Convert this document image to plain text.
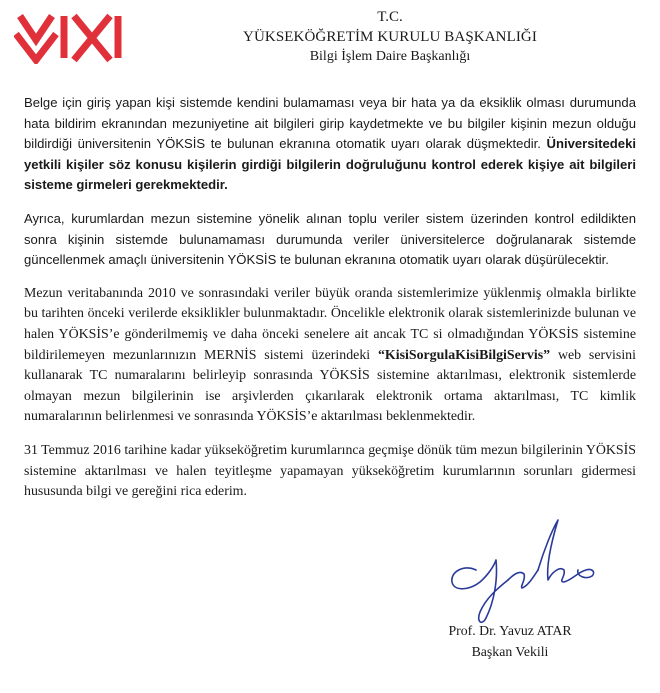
T.C.
YÜKSEKÖĞRETİM KURULU BAŞKANLIĞI
Bilgi İşlem Daire Başkanlığı

Belge için giriş yapan kişi sistemde kendini bulamaması veya bir hata ya da eksiklik olması durumunda hata bildirim ekranından mezuniyetine ait bilgileri girip kaydetmekte ve bu bilgiler kişinin mezun olduğu bildirdiği üniversitenin YÖKSİS te bulunan ekranına otomatik uyarı olarak düşmektedir. Üniversitedeki yetkili kişiler söz konusu kişilerin girdiği bilgilerin doğruluğunu kontrol ederek kişiye ait bilgileri sisteme girmeleri gerekmektedir.

Ayrıca, kurumlardan mezun sistemine yönelik alınan toplu veriler sistem üzerinden kontrol edildikten sonra kişinin sistemde bulunamaması durumunda veriler üniversitelerce doğrulanarak sistemde güncellenmek amaçlı üniversitenin YÖKSİS te bulunan ekranına otomatik uyarı olarak düşürülecektir.

Mezun veritabanında 2010 ve sonrasındaki veriler büyük oranda sistemlerimize yüklenmiş olmakla birlikte bu tarihten önceki verilerde eksiklikler bulunmaktadır. Öncelikle elektronik olarak sistemlerinizde bulunan ve halen YÖKSİS’e gönderilmemiş ve daha önceki senelere ait ancak TC si olmadığından YÖKSİS sistemine bildirilemeyen mezunlarınızın MERNİS sistemi üzerindeki “KisiSorgulaKisiBilgiServis” web servisini kullanarak TC numaralarını belirleyip sonrasında YÖKSİS sistemine aktarılması, elektronik sistemlerde olmayan mezun bilgilerinin ise arşivlerden çıkarılarak elektronik ortama aktarılması, TC kimlik numaralarının belirlenmesi ve sonrasında YÖKSİS’e aktarılması beklenmektedir.

31 Temmuz 2016 tarihine kadar yükseköğretim kurumlarınca geçmişe dönük tüm mezun bilgilerinin YÖKSİS sistemine aktarılması ve halen teyitleşme yapamayan yükseköğretim kurumlarının sorunları gidermesi hususunda bilgi ve gereğini rica ederim.

Prof. Dr. Yavuz ATAR
Başkan Vekili
